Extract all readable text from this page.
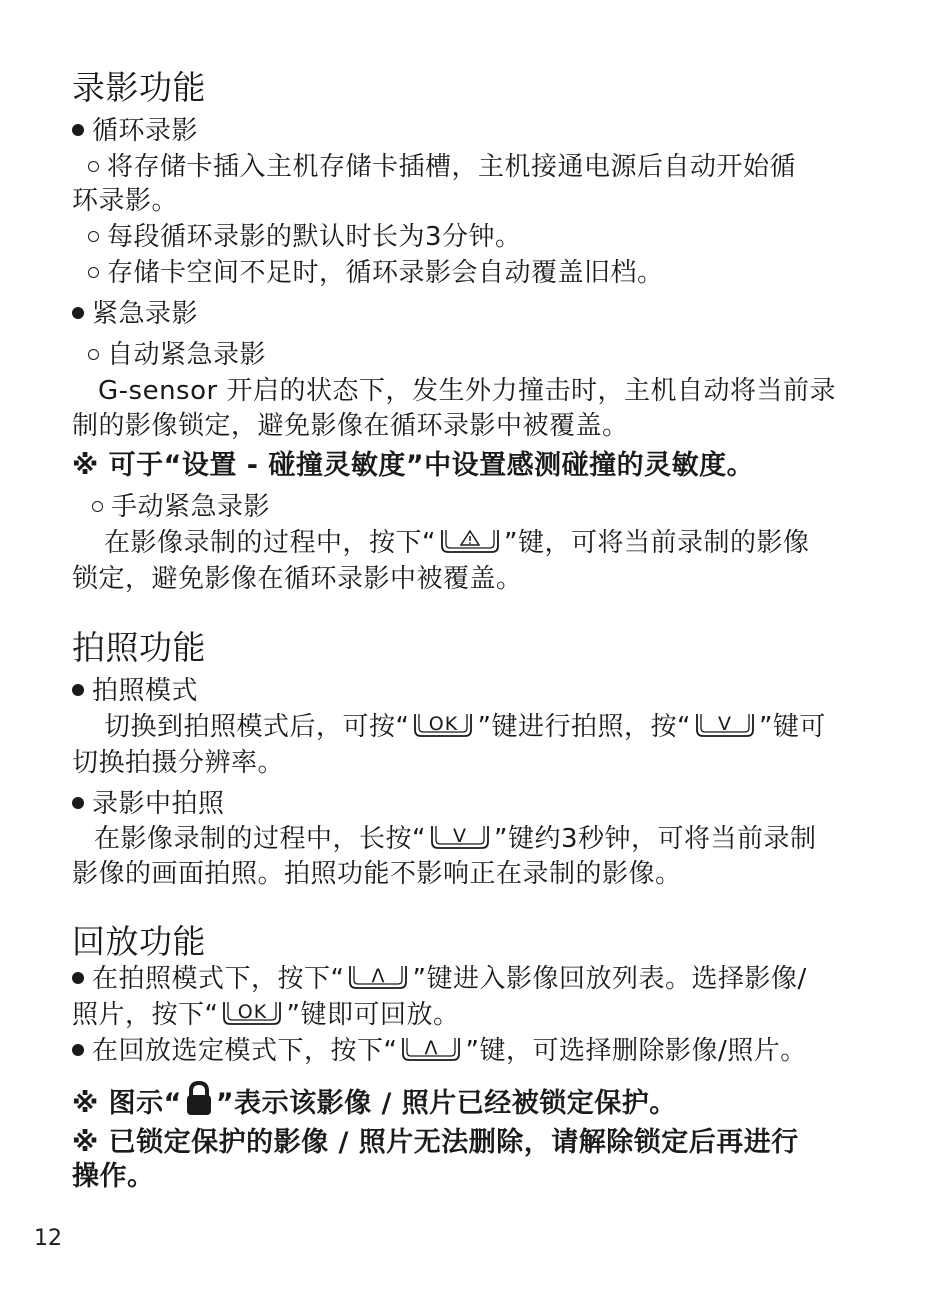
录影功能
循环录影
将存储卡插入主机存储卡插槽，主机接通电源后自动开始循
环录影。
每段循环录影的默认时长为3分钟。
存储卡空间不足时，循环录影会自动覆盖旧档。
紧急录影
自动紧急录影
G-sensor 开启的状态下，发生外力撞击时，主机自动将当前录
制的影像锁定，避免影像在循环录影中被覆盖。
※ 可于“设置 - 碰撞灵敏度”中设置感测碰撞的灵敏度。
手动紧急录影
在影像录制的过程中，按下“	”键，可将当前录制的影像
锁定，避免影像在循环录影中被覆盖。
拍照功能
拍照模式
切换到拍照模式后，可按“	OK ”键进行拍照，按“	V	”键可
切换拍摄分辨率。
录影中拍照
在影像录制的过程中，长按“	V	”键约3秒钟，可将当前录制
影像的画面拍照。拍照功能不影响正在录制的影像。
回放功能
在拍照模式下，按下“	Λ	”键进入影像回放列表。选择影像/
照片，按下“	OK ”键即可回放。
在回放选定模式下，按下“	Λ	”键，可选择删除影像/照片。
※ 图示“ ”表示该影像 / 照片已经被锁定保护。
※ 已锁定保护的影像 / 照片无法删除，请解除锁定后再进行
操作。
12
